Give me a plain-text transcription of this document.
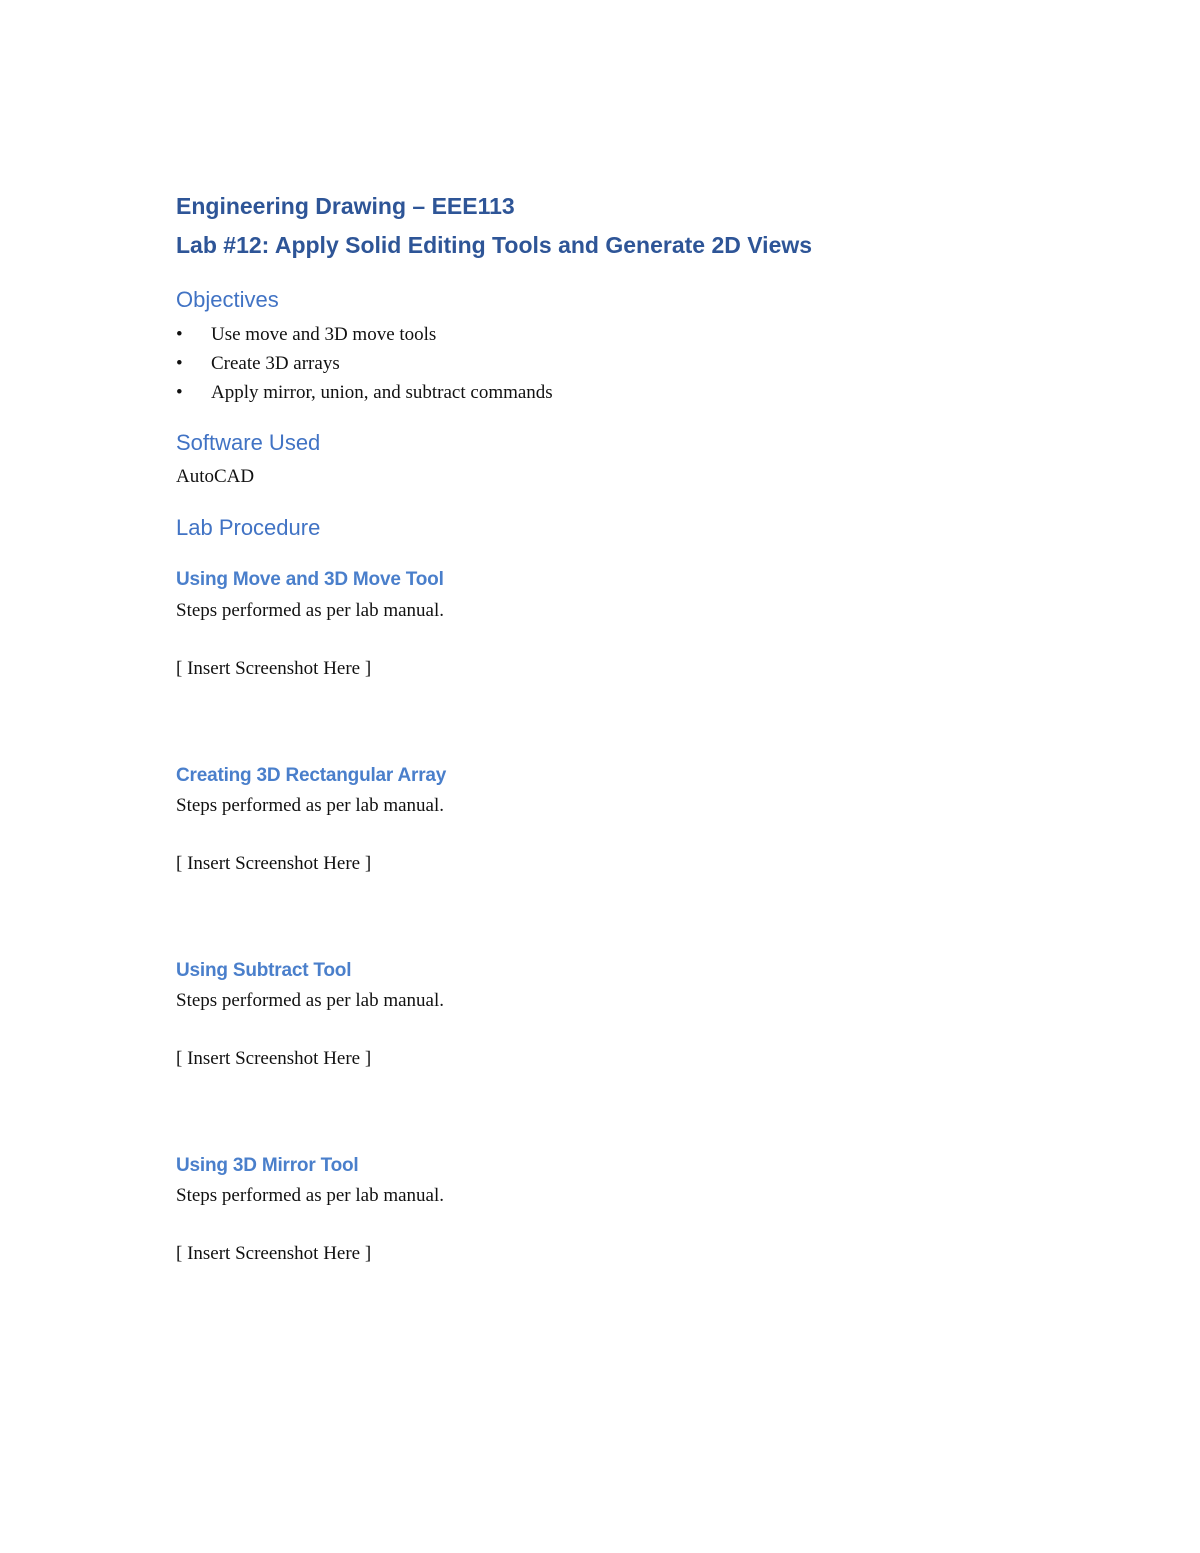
Engineering Drawing – EEE113

Lab #12: Apply Solid Editing Tools and Generate 2D Views

Objectives

• Use move and 3D move tools
• Create 3D arrays
• Apply mirror, union, and subtract commands

Software Used

AutoCAD

Lab Procedure

Using Move and 3D Move Tool

Steps performed as per lab manual.

[ Insert Screenshot Here ]

Creating 3D Rectangular Array

Steps performed as per lab manual.

[ Insert Screenshot Here ]

Using Subtract Tool

Steps performed as per lab manual.

[ Insert Screenshot Here ]

Using 3D Mirror Tool

Steps performed as per lab manual.

[ Insert Screenshot Here ]
